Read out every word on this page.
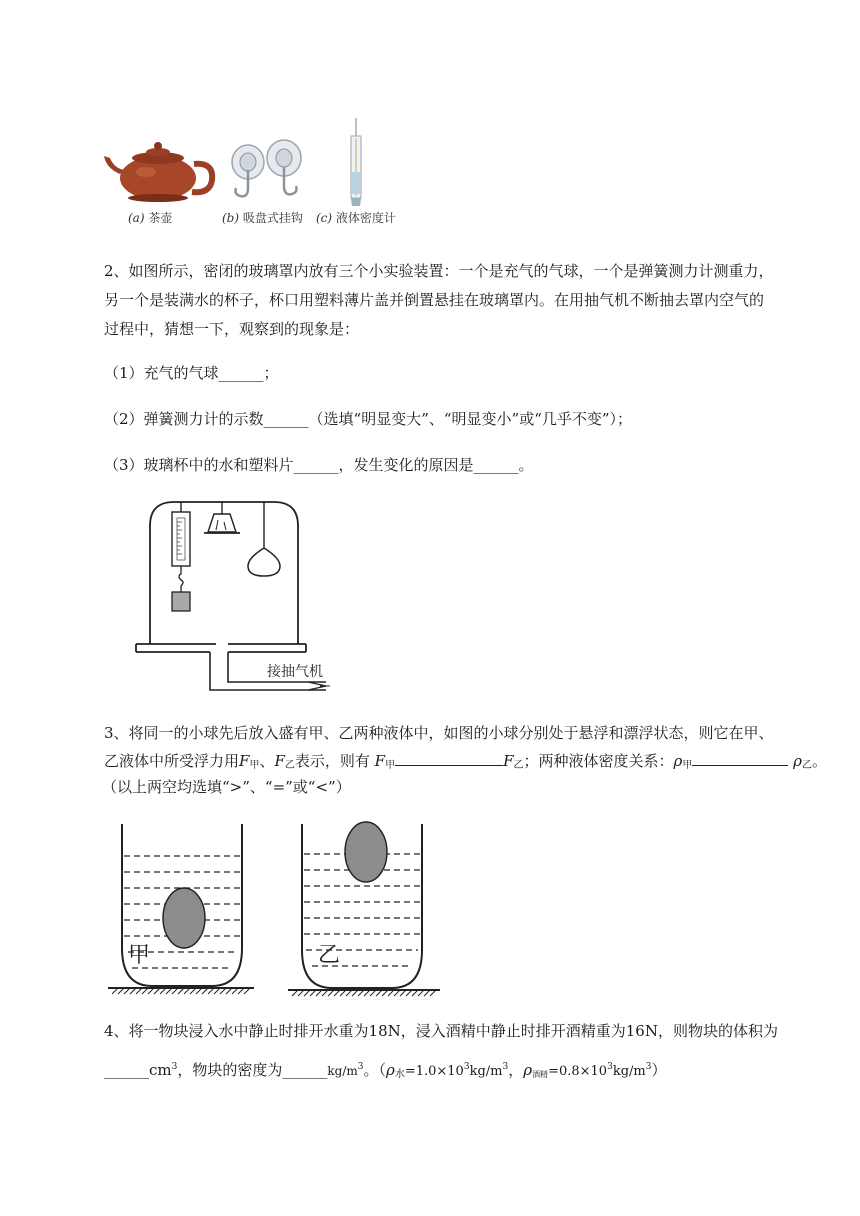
(a) 茶壶	(b) 吸盘式挂钩 (c) 液体密度计
2、如图所示，密闭的玻璃罩内放有三个小实验装置：一个是充气的气球，一个是弹簧测力计测重力，
另一个是装满水的杯子，杯口用塑料薄片盖并倒置悬挂在玻璃罩内。在用抽气机不断抽去罩内空气的
过程中，猜想一下，观察到的现象是：
（1）充气的气球______；
（2）弹簧测力计的示数______（选填“明显变大”、“明显变小”或“几乎不变”）；
（3）玻璃杯中的水和塑料片______，发生变化的原因是______。
接抽气机
3、将同一的小球先后放入盛有甲、乙两种液体中，如图的小球分别处于悬浮和漂浮状态，则它在甲、
乙液体中所受浮力用$F_甲$、$F_乙$表示，则有 $F_甲$	$F_乙$；两种液体密度关系：$\rho_甲$	$\rho_乙$。
（以上两空均选填“>”、“=”或“<”）
甲	乙
4、将一物块浸入水中静止时排开水重为18N，浸入酒精中静止时排开酒精重为16N，则物块的体积为
$\_\_\_\_\_\_cm^3$，物块的密度为$\_\_\_\_\_\_kg/m^3$。（$\rho_水=1.0\times 10^3kg/m^3$，$\rho_{酒精}=0.8\times 10^3kg/m^3$）
